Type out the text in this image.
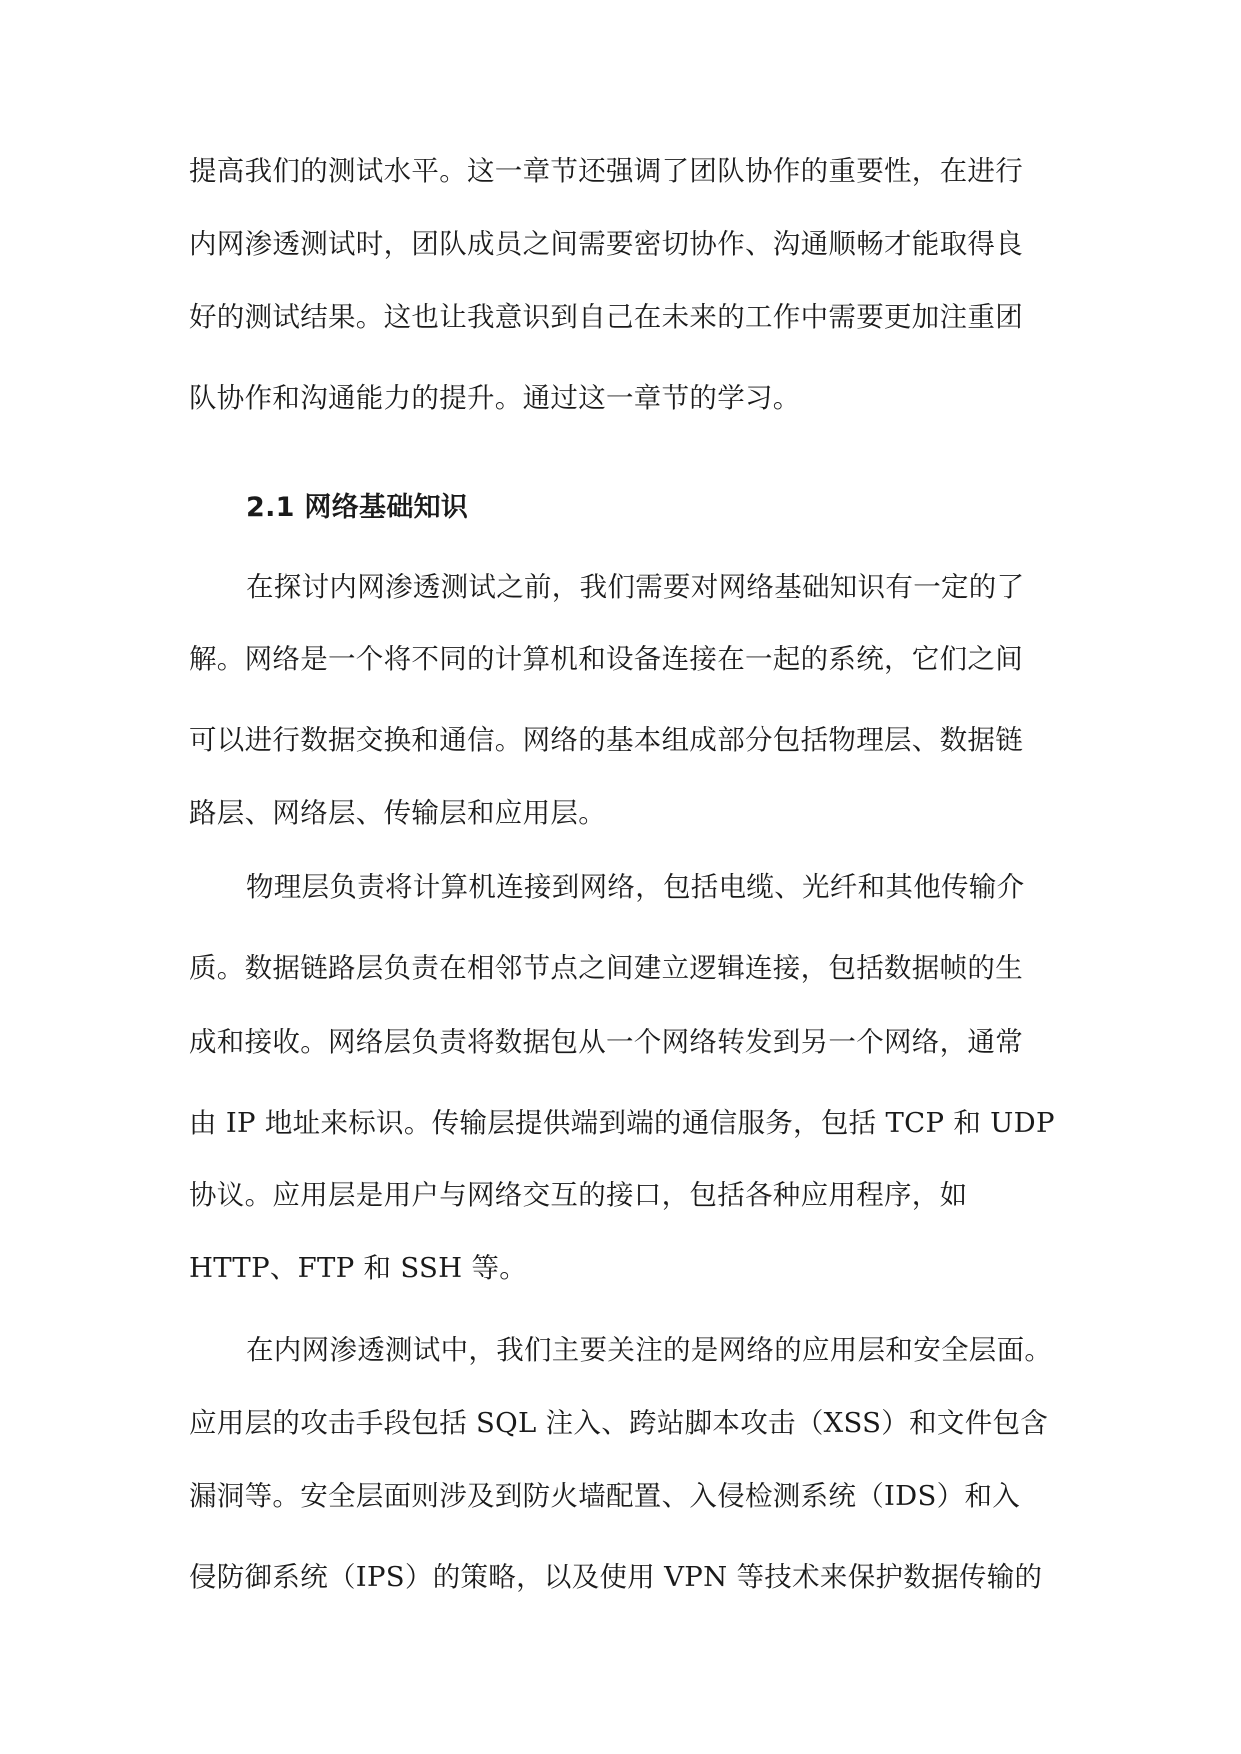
提高我们的测试水平。这一章节还强调了团队协作的重要性，在进行
内网渗透测试时，团队成员之间需要密切协作、沟通顺畅才能取得良
好的测试结果。这也让我意识到自己在未来的工作中需要更加注重团
队协作和沟通能力的提升。通过这一章节的学习。
2.1 网络基础知识
在探讨内网渗透测试之前，我们需要对网络基础知识有一定的了
解。网络是一个将不同的计算机和设备连接在一起的系统，它们之间
可以进行数据交换和通信。网络的基本组成部分包括物理层、数据链
路层、网络层、传输层和应用层。
物理层负责将计算机连接到网络，包括电缆、光纤和其他传输介
质。数据链路层负责在相邻节点之间建立逻辑连接，包括数据帧的生
成和接收。网络层负责将数据包从一个网络转发到另一个网络，通常
由 IP 地址来标识。传输层提供端到端的通信服务，包括 TCP 和 UDP
协议。应用层是用户与网络交互的接口，包括各种应用程序，如
HTTP、FTP 和 SSH 等。
在内网渗透测试中，我们主要关注的是网络的应用层和安全层面。
应用层的攻击手段包括 SQL 注入、跨站脚本攻击（XSS）和文件包含
漏洞等。安全层面则涉及到防火墙配置、入侵检测系统（IDS）和入
侵防御系统（IPS）的策略，以及使用 VPN 等技术来保护数据传输的
